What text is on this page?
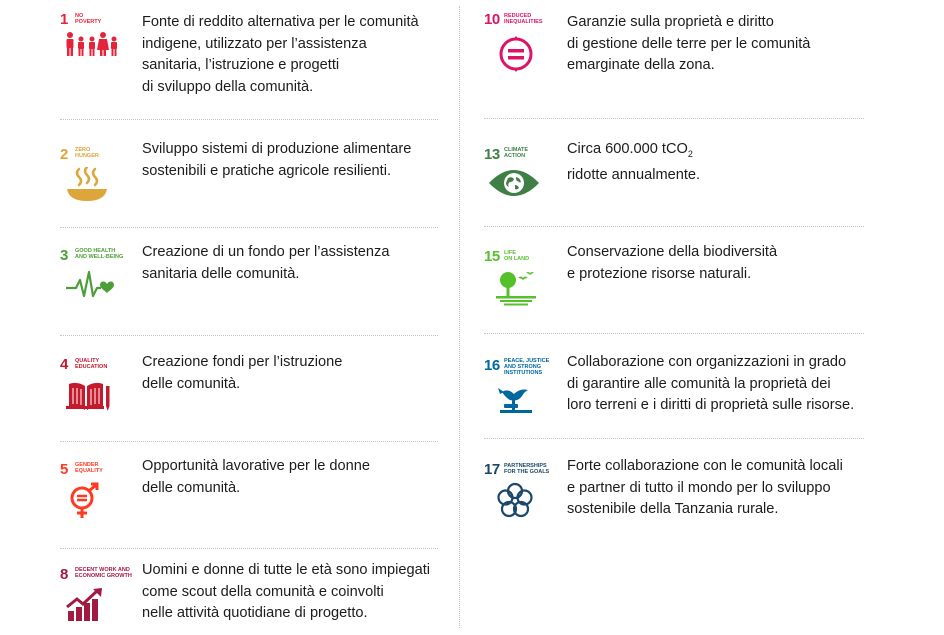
1 NO
POVERTY	Fonte di reddito alternativa per le comunità
indigene, utilizzato per l’assistenza
sanitaria, l’istruzione e progetti
di sviluppo della comunità.
2 ZERO
HUNGER	Sviluppo sistemi di produzione alimentare
sostenibili e pratiche agricole resilienti.
3 GOOD HEALTH
AND WELL-BEING	Creazione di un fondo per l’assistenza
sanitaria delle comunità.
4 QUALITY
EDUCATION	Creazione fondi per l’istruzione
delle comunità.
5 GENDER
EQUALITY	Opportunità lavorative per le donne
delle comunità.
8 DECENT WORK AND
ECONOMIC GROWTH Uomini e donne di tutte le età sono impiegati
come scout della comunità e coinvolti
nelle attività quotidiane di progetto.
10 REDUCED
INEQUALITIES	Garanzie sulla proprietà e diritto
di gestione delle terre per le comunità
emarginate della zona.
13 CLIMATE
ACTION	Circa 600.000 tCO$_2$
ridotte annualmente.
15 LIFE
ON LAND	Conservazione della biodiversità
e protezione risorse naturali.
16 PEACE, JUSTICE
AND STRONG
INSTITUTIONS
Collaborazione con organizzazioni in grado
di garantire alle comunità la proprietà dei
loro terreni e i diritti di proprietà sulle risorse.
17 PARTNERSHIPS
FOR THE GOALS	Forte collaborazione con le comunità locali
e partner di tutto il mondo per lo sviluppo
sostenibile della Tanzania rurale.
